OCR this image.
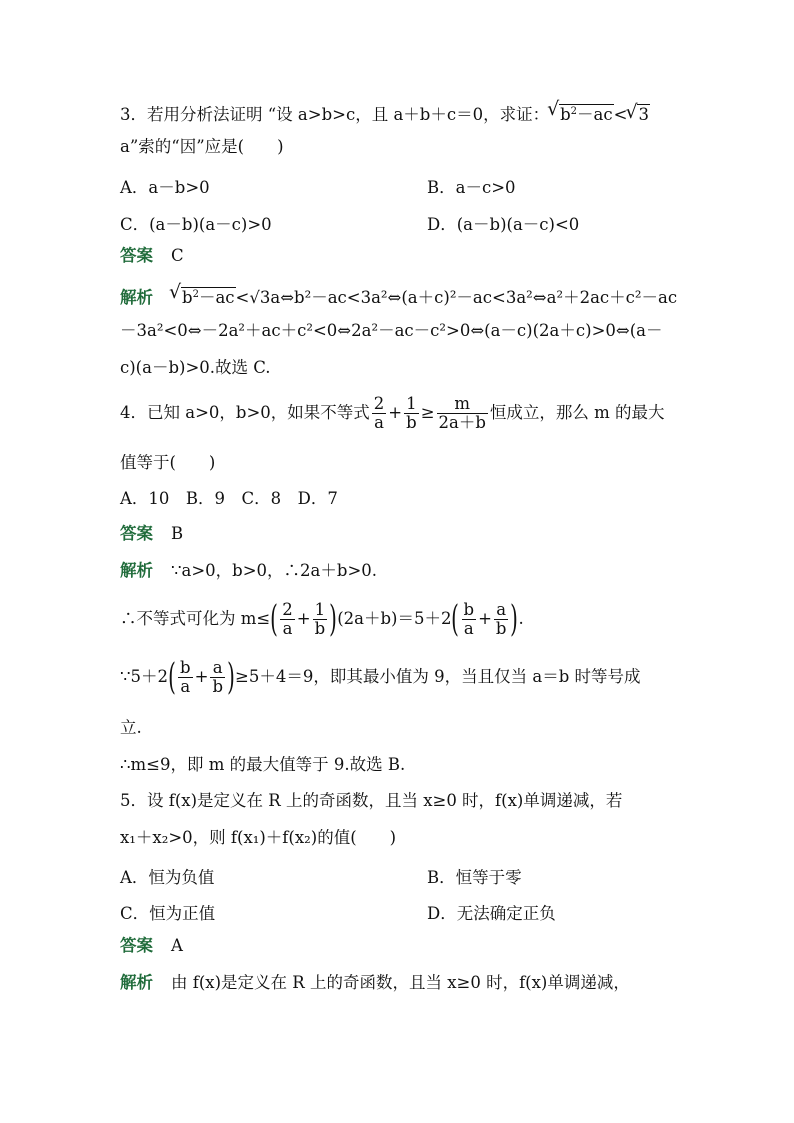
3．若用分析法证明 “设 a>b>c，且 a＋b＋c＝0，求证：√ $b^2-ac<√$ 3
a”索的“因”应是(　　)
A．a－b>0	B．a－c>0
C．(a－b)(a－c)>0	D．(a－b)(a－c)<0
答案 C
解析√ $b^2-ac<√3a\Leftrightarrow b^2-ac<3a^2\Leftrightarrow(a+c)^2-ac<3a^2\Leftrightarrow a^2+2ac+c^2-ac$
－3a²<0⇔－2a²＋ac＋c²<0⇔2a²－ac－c²>0⇔(a－c)(2a＋c)>0⇔(a－
c)(a－b)>0.故选 C.
4．已知 a>0，b>0，如果不等式 $\frac{2}{a} + \frac{1}{b} \ge \frac{m}{2a+b}$ 恒成立，那么 m 的最大
值等于(　　)
A．10　B．9　C．8　D．7
答案 B
解析 ∵a>0，b>0，∴2a＋b>0.
∴不等式可化为 $m\le( \frac{2}{a} + \frac{1}{b} )(2a+b)=5+2( \frac{b}{a} + \frac{a}{b}$ ).
∵5＋2( $\frac{b}{a} + \frac{a}{b} )\ge 5+4=9$，即其最小值为 9，当且仅当 a＝b 时等号成
立.
∴m≤9，即 m 的最大值等于 9.故选 B.
5．设 f(x)是定义在 R 上的奇函数，且当 x≥0 时，f(x)单调递减，若
x₁＋x₂>0，则 f(x₁)＋f(x₂)的值(　　)
A．恒为负值	B．恒等于零
C．恒为正值	D．无法确定正负
答案 A
解析 由 f(x)是定义在 R 上的奇函数，且当 x≥0 时，f(x)单调递减，
